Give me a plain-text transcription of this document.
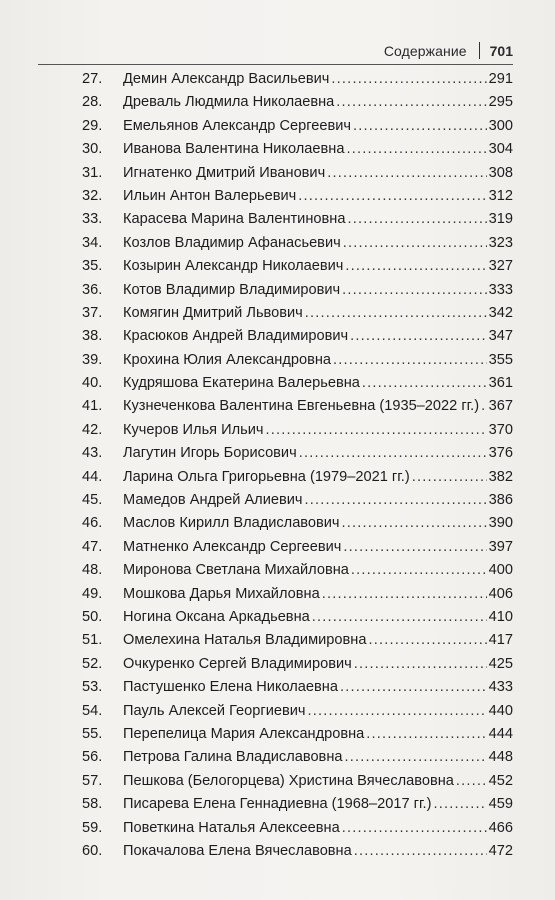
Содержание 701
27.	Демин Александр Васильевич .....	291
28.	Древаль Людмила Николаевна .....	295
29.	Емельянов Александр Сергеевич .....	300
30.	Иванова Валентина Николаевна .....	304
31.	Игнатенко Дмитрий Иванович .....	308
32.	Ильин Антон Валерьевич .....	312
33.	Карасева Марина Валентиновна .....	319
34.	Козлов Владимир Афанасьевич .....	323
35.	Козырин Александр Николаевич .....	327
36.	Котов Владимир Владимирович .....	333
37.	Комягин Дмитрий Львович .....	342
38.	Красюков Андрей Владимирович .....	347
39.	Крохина Юлия Александровна .....	355
40.	Кудряшова Екатерина Валерьевна .....	361
41.	Кузнеченкова Валентина Евгеньевна (1935–2022 гг.) ..... 367
42.	Кучеров Илья Ильич .....	370
43.	Лагутин Игорь Борисович .....	376
44.	Ларина Ольга Григорьевна (1979–2021 гг.) .....	382
45.	Мамедов Андрей Алиевич .....	386
46.	Маслов Кирилл Владиславович .....	390
47.	Матненко Александр Сергеевич .....	397
48.	Миронова Светлана Михайловна .....	400
49.	Мошкова Дарья Михайловна .....	406
50.	Ногина Оксана Аркадьевна .....	410
51.	Омелехина Наталья Владимировна .....	417
52.	Очкуренко Сергей Владимирович .....	425
53.	Пастушенко Елена Николаевна .....	433
54.	Пауль Алексей Георгиевич .....	440
55.	Перепелица Мария Александровна .....	444
56.	Петрова Галина Владиславовна .....	448
57.	Пешкова (Белогорцева) Христина Вячеславовна ..... 452
58.	Писарева Елена Геннадиевна (1968–2017 гг.) .....	459
59.	Поветкина Наталья Алексеевна .....	466
60.	Покачалова Елена Вячеславовна .....	472
